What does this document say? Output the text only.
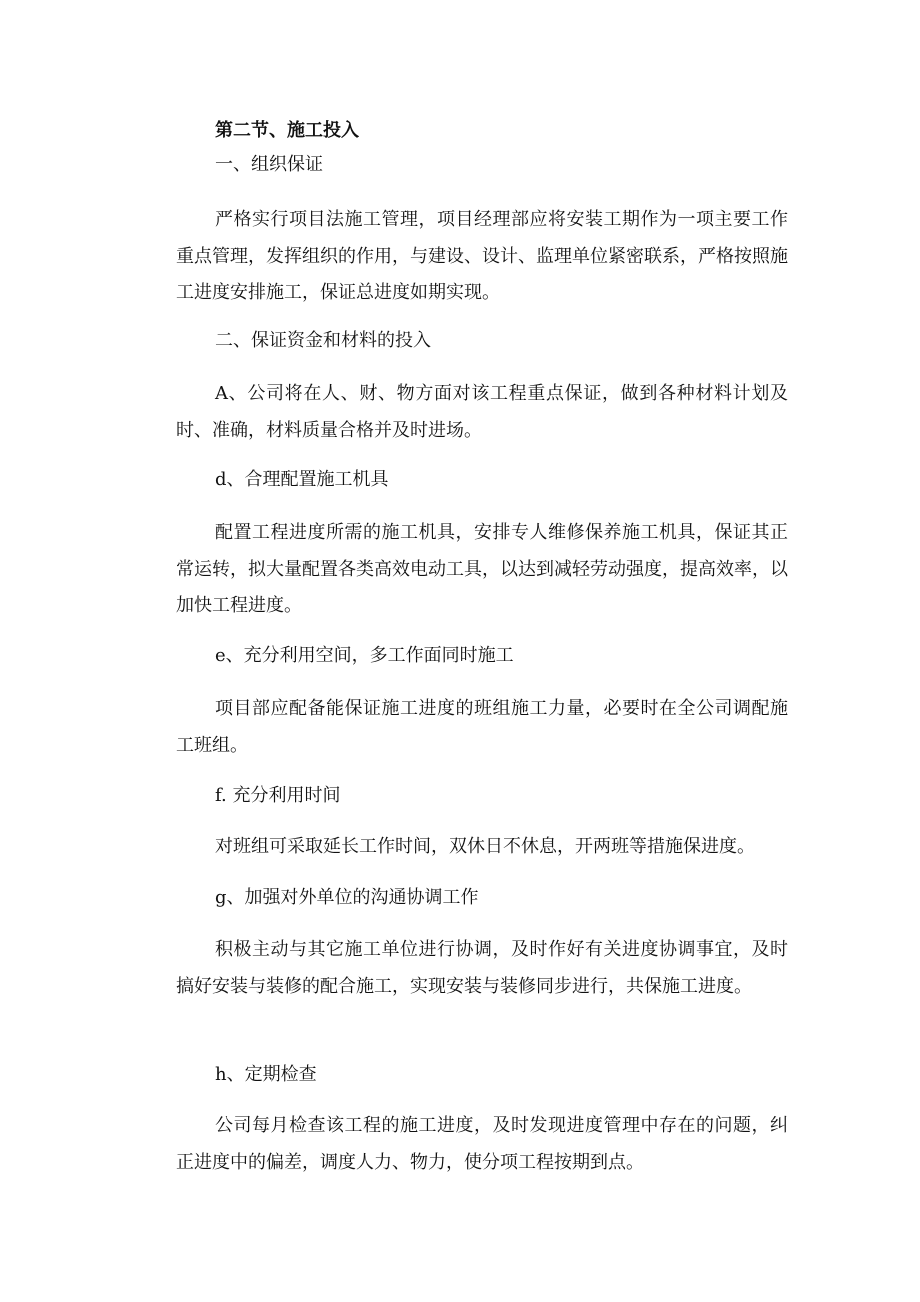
第二节、施工投入
一、组织保证
严格实行项目法施工管理，项目经理部应将安装工期作为一项主要工作重点管理，发挥组织的作用，与建设、设计、监理单位紧密联系，严格按照施工进度安排施工，保证总进度如期实现。
二、保证资金和材料的投入
A、公司将在人、财、物方面对该工程重点保证，做到各种材料计划及时、准确，材料质量合格并及时进场。
d、合理配置施工机具
配置工程进度所需的施工机具，安排专人维修保养施工机具，保证其正常运转，拟大量配置各类高效电动工具，以达到减轻劳动强度，提高效率，以加快工程进度。
e、充分利用空间，多工作面同时施工
项目部应配备能保证施工进度的班组施工力量，必要时在全公司调配施工班组。
f. 充分利用时间
对班组可采取延长工作时间，双休日不休息，开两班等措施保进度。
g、加强对外单位的沟通协调工作
积极主动与其它施工单位进行协调，及时作好有关进度协调事宜，及时搞好安装与装修的配合施工，实现安装与装修同步进行，共保施工进度。
h、定期检查
公司每月检查该工程的施工进度，及时发现进度管理中存在的问题，纠正进度中的偏差，调度人力、物力，使分项工程按期到点。
